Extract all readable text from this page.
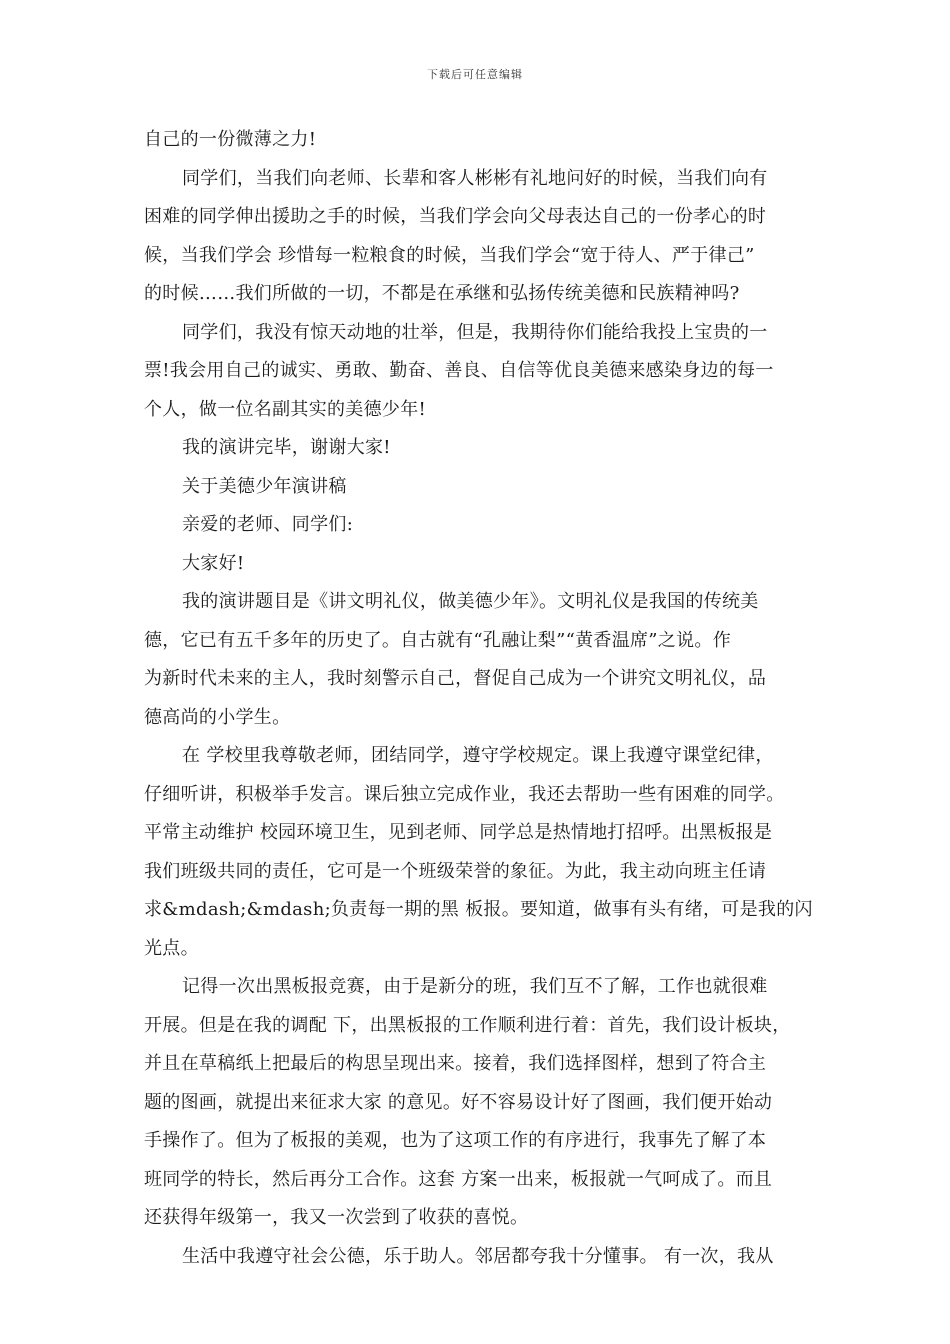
下载后可任意编辑
自己的一份微薄之力!
同学们，当我们向老师、长辈和客人彬彬有礼地问好的时候，当我们向有
困难的同学伸出援助之手的时候，当我们学会向父母表达自己的一份孝心的时
候，当我们学会 珍惜每一粒粮食的时候，当我们学会“宽于待人、严于律己”
的时候……我们所做的一切，不都是在承继和弘扬传统美德和民族精神吗?
同学们，我没有惊天动地的壮举，但是，我期待你们能给我投上宝贵的一
票!我会用自己的诚实、勇敢、勤奋、善良、自信等优良美德来感染身边的每一
个人，做一位名副其实的美德少年!
我的演讲完毕，谢谢大家!
关于美德少年演讲稿
亲爱的老师、同学们:
大家好!
我的演讲题目是《讲文明礼仪，做美德少年》。文明礼仪是我国的传统美
德，它已有五千多年的历史了。自古就有“孔融让梨”“黄香温席”之说。作
为新时代未来的主人，我时刻警示自己，督促自己成为一个讲究文明礼仪，品
德高尚的小学生。
在 学校里我尊敬老师，团结同学，遵守学校规定。课上我遵守课堂纪律，
仔细听讲，积极举手发言。课后独立完成作业，我还去帮助一些有困难的同学。
平常主动维护 校园环境卫生，见到老师、同学总是热情地打招呼。出黑板报是
我们班级共同的责任，它可是一个班级荣誉的象征。为此，我主动向班主任请
求&mdash;&mdash;负责每一期的黑 板报。要知道，做事有头有绪，可是我的闪
光点。
记得一次出黑板报竞赛，由于是新分的班，我们互不了解，工作也就很难
开展。但是在我的调配 下，出黑板报的工作顺利进行着：首先，我们设计板块，
并且在草稿纸上把最后的构思呈现出来。接着，我们选择图样，想到了符合主
题的图画，就提出来征求大家 的意见。好不容易设计好了图画，我们便开始动
手操作了。但为了板报的美观，也为了这项工作的有序进行，我事先了解了本
班同学的特长，然后再分工合作。这套 方案一出来，板报就一气呵成了。而且
还获得年级第一，我又一次尝到了收获的喜悦。
生活中我遵守社会公德，乐于助人。邻居都夸我十分懂事。 有一次，我从
